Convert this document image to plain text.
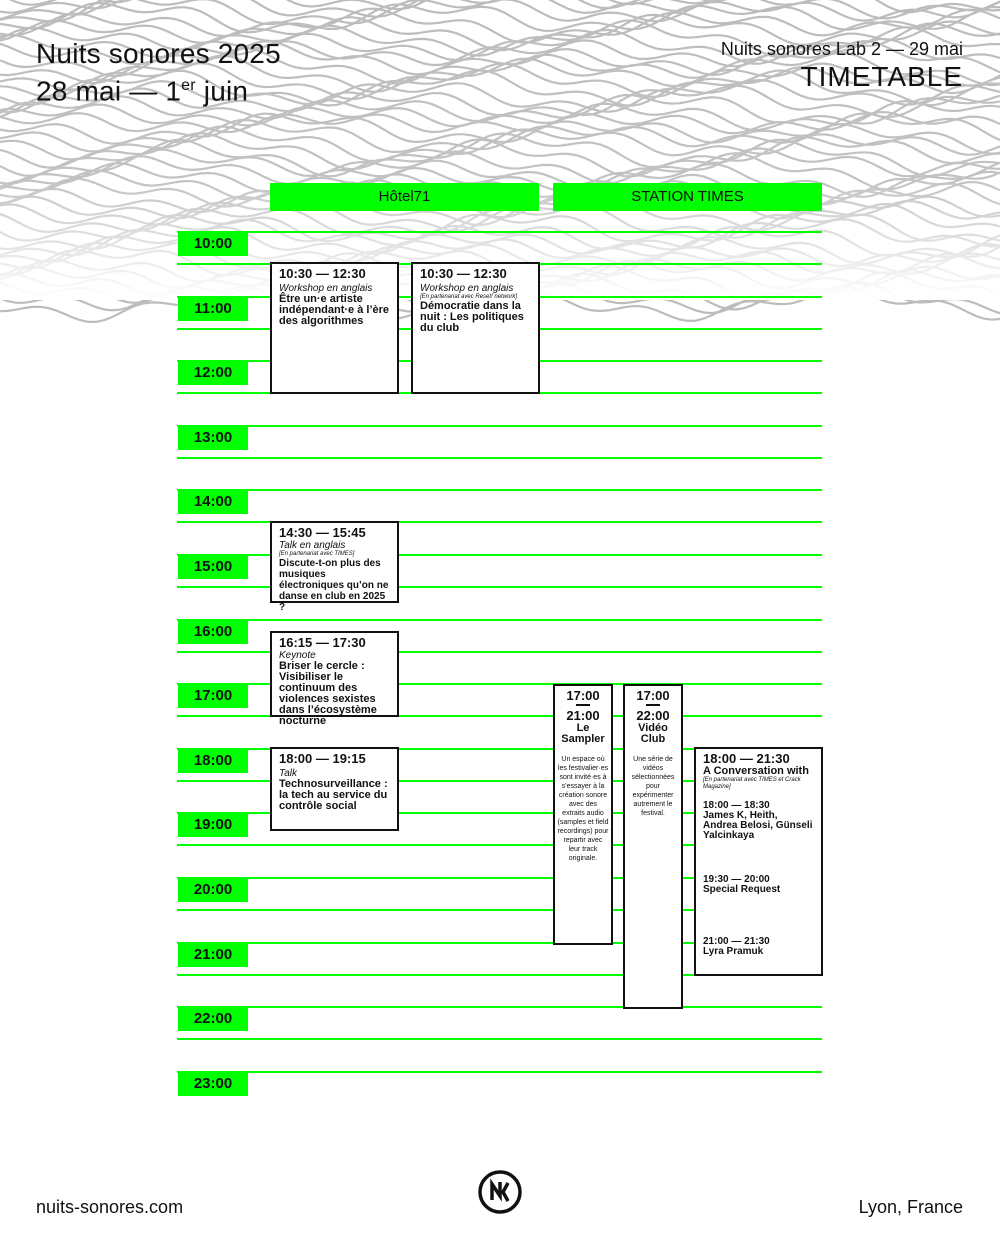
Nuits sonores 2025
28 mai — 1er juin
Nuits sonores Lab 2 — 29 mai
TIMETABLE
Hôtel71	STATION TIMES
10:00
11:00
12:00
13:00
14:00
15:00
16:00
17:00
18:00
19:00
20:00
21:00
22:00
23:00
10:30 — 12:30
Workshop en anglais
Être un·e artiste indépendant·e à l’ère des algorithmes
10:30 — 12:30
Workshop en anglais
[En partenariat avec Reset! network]
Démocratie dans la nuit : Les politiques du club
14:30 — 15:45
Talk en anglais
[En partenariat avec TIMES]
Discute-t-on plus des musiques électroniques qu’on ne danse en club en 2025 ?
16:15 — 17:30
Keynote
Briser le cercle : Visibiliser le continuum des violences sexistes dans l’écosystème nocturne
18:00 — 19:15
Talk
Technosurveillance : la tech au service du contrôle social
17:00
21:00
Le Sampler
Un espace où les festivalier·es sont invité·es à s’essayer à la création sonore avec des extraits audio (samples et field recordings) pour repartir avec leur track originale.
17:00
22:00
Vidéo Club
Une série de vidéos sélectionnées pour expérimenter autrement le festival.
18:00 — 21:30
A Conversation with
[En partenariat avec TIMES et Crack Magazine]
18:00 — 18:30
James K, Heith, Andrea Belosi, Günseli Yalcinkaya
19:30 — 20:00
Special Request
21:00 — 21:30
Lyra Pramuk
nuits-sonores.com	Lyon, France
